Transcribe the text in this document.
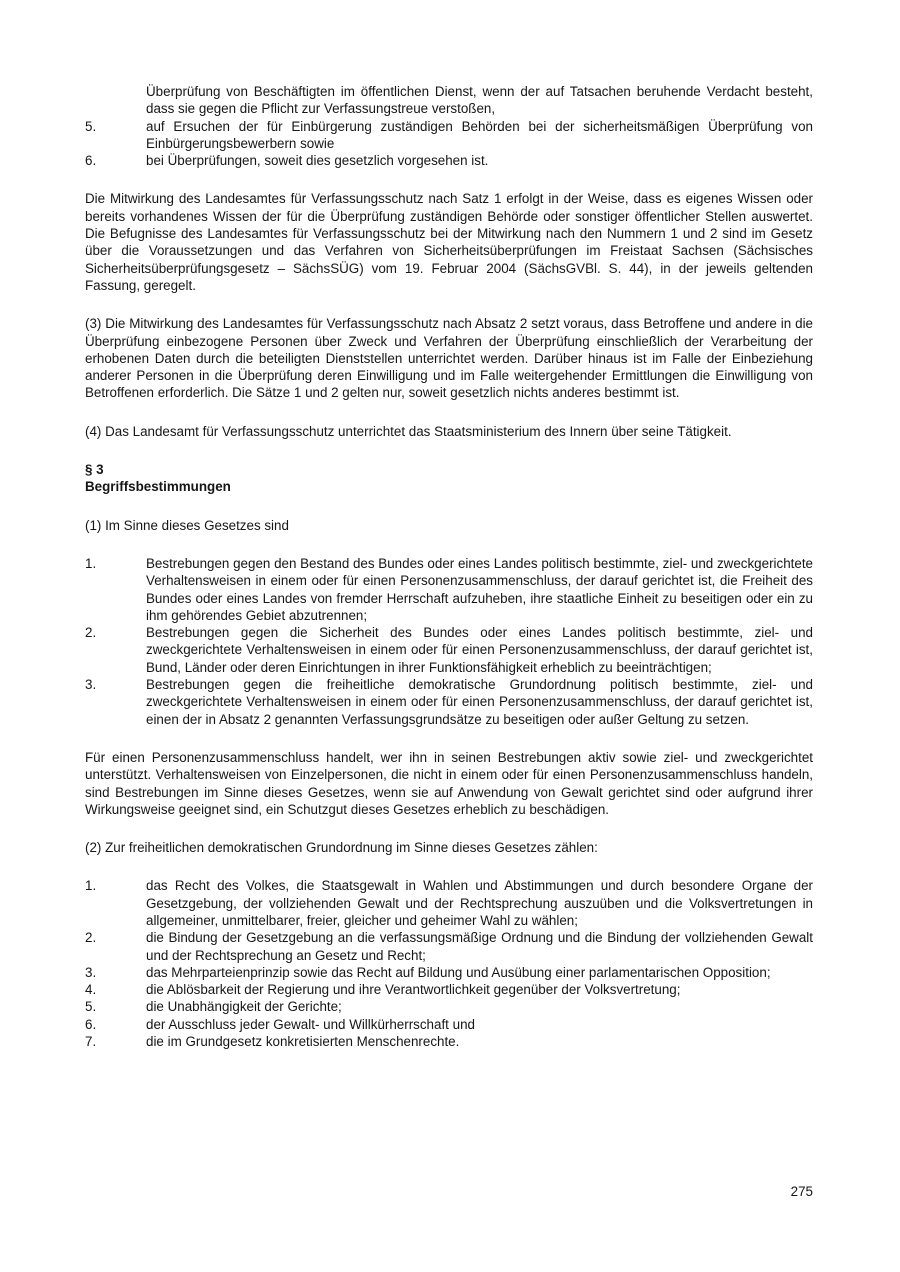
Überprüfung von Beschäftigten im öffentlichen Dienst, wenn der auf Tatsachen beruhende Verdacht besteht, dass sie gegen die Pflicht zur Verfassungstreue verstoßen,
5.	auf Ersuchen der für Einbürgerung zuständigen Behörden bei der sicherheitsmäßigen Überprüfung von Einbürgerungsbewerbern sowie
6.	bei Überprüfungen, soweit dies gesetzlich vorgesehen ist.
Die Mitwirkung des Landesamtes für Verfassungsschutz nach Satz 1 erfolgt in der Weise, dass es eigenes Wissen oder bereits vorhandenes Wissen der für die Überprüfung zuständigen Behörde oder sonstiger öffentlicher Stellen auswertet. Die Befugnisse des Landesamtes für Verfassungsschutz bei der Mitwirkung nach den Nummern 1 und 2 sind im Gesetz über die Voraussetzungen und das Verfahren von Sicherheitsüberprüfungen im Freistaat Sachsen (Sächsisches Sicherheitsüberprüfungsgesetz – SächsSÜG) vom 19. Februar 2004 (SächsGVBl. S. 44), in der jeweils geltenden Fassung, geregelt.
(3) Die Mitwirkung des Landesamtes für Verfassungsschutz nach Absatz 2 setzt voraus, dass Betroffene und andere in die Überprüfung einbezogene Personen über Zweck und Verfahren der Überprüfung einschließlich der Verarbeitung der erhobenen Daten durch die beteiligten Dienststellen unterrichtet werden. Darüber hinaus ist im Falle der Einbeziehung anderer Personen in die Überprüfung deren Einwilligung und im Falle weitergehender Ermittlungen die Einwilligung von Betroffenen erforderlich. Die Sätze 1 und 2 gelten nur, soweit gesetzlich nichts anderes bestimmt ist.
(4) Das Landesamt für Verfassungsschutz unterrichtet das Staatsministerium des Innern über seine Tätigkeit.
§ 3
Begriffsbestimmungen
(1) Im Sinne dieses Gesetzes sind
1.	Bestrebungen gegen den Bestand des Bundes oder eines Landes politisch bestimmte, ziel- und zweckgerichtete Verhaltensweisen in einem oder für einen Personenzusammenschluss, der darauf gerichtet ist, die Freiheit des Bundes oder eines Landes von fremder Herrschaft aufzuheben, ihre staatliche Einheit zu beseitigen oder ein zu ihm gehörendes Gebiet abzutrennen;
2.	Bestrebungen gegen die Sicherheit des Bundes oder eines Landes politisch bestimmte, ziel- und zweckgerichtete Verhaltensweisen in einem oder für einen Personenzusammenschluss, der darauf gerichtet ist, Bund, Länder oder deren Einrichtungen in ihrer Funktionsfähigkeit erheblich zu beeinträchtigen;
3.	Bestrebungen gegen die freiheitliche demokratische Grundordnung politisch bestimmte, ziel- und zweckgerichtete Verhaltensweisen in einem oder für einen Personenzusammenschluss, der darauf gerichtet ist, einen der in Absatz 2 genannten Verfassungsgrundsätze zu beseitigen oder außer Geltung zu setzen.
Für einen Personenzusammenschluss handelt, wer ihn in seinen Bestrebungen aktiv sowie ziel- und zweckgerichtet unterstützt. Verhaltensweisen von Einzelpersonen, die nicht in einem oder für einen Personenzusammenschluss handeln, sind Bestrebungen im Sinne dieses Gesetzes, wenn sie auf Anwendung von Gewalt gerichtet sind oder aufgrund ihrer Wirkungsweise geeignet sind, ein Schutzgut dieses Gesetzes erheblich zu beschädigen.
(2) Zur freiheitlichen demokratischen Grundordnung im Sinne dieses Gesetzes zählen:
1.	das Recht des Volkes, die Staatsgewalt in Wahlen und Abstimmungen und durch besondere Organe der Gesetzgebung, der vollziehenden Gewalt und der Rechtsprechung auszuüben und die Volksvertretungen in allgemeiner, unmittelbarer, freier, gleicher und geheimer Wahl zu wählen;
2.	die Bindung der Gesetzgebung an die verfassungsmäßige Ordnung und die Bindung der vollziehenden Gewalt und der Rechtsprechung an Gesetz und Recht;
3.	das Mehrparteienprinzip sowie das Recht auf Bildung und Ausübung einer parlamentarischen Opposition;
4.	die Ablösbarkeit der Regierung und ihre Verantwortlichkeit gegenüber der Volksvertretung;
5.	die Unabhängigkeit der Gerichte;
6.	der Ausschluss jeder Gewalt- und Willkürherrschaft und
7.	die im Grundgesetz konkretisierten Menschenrechte.
275
